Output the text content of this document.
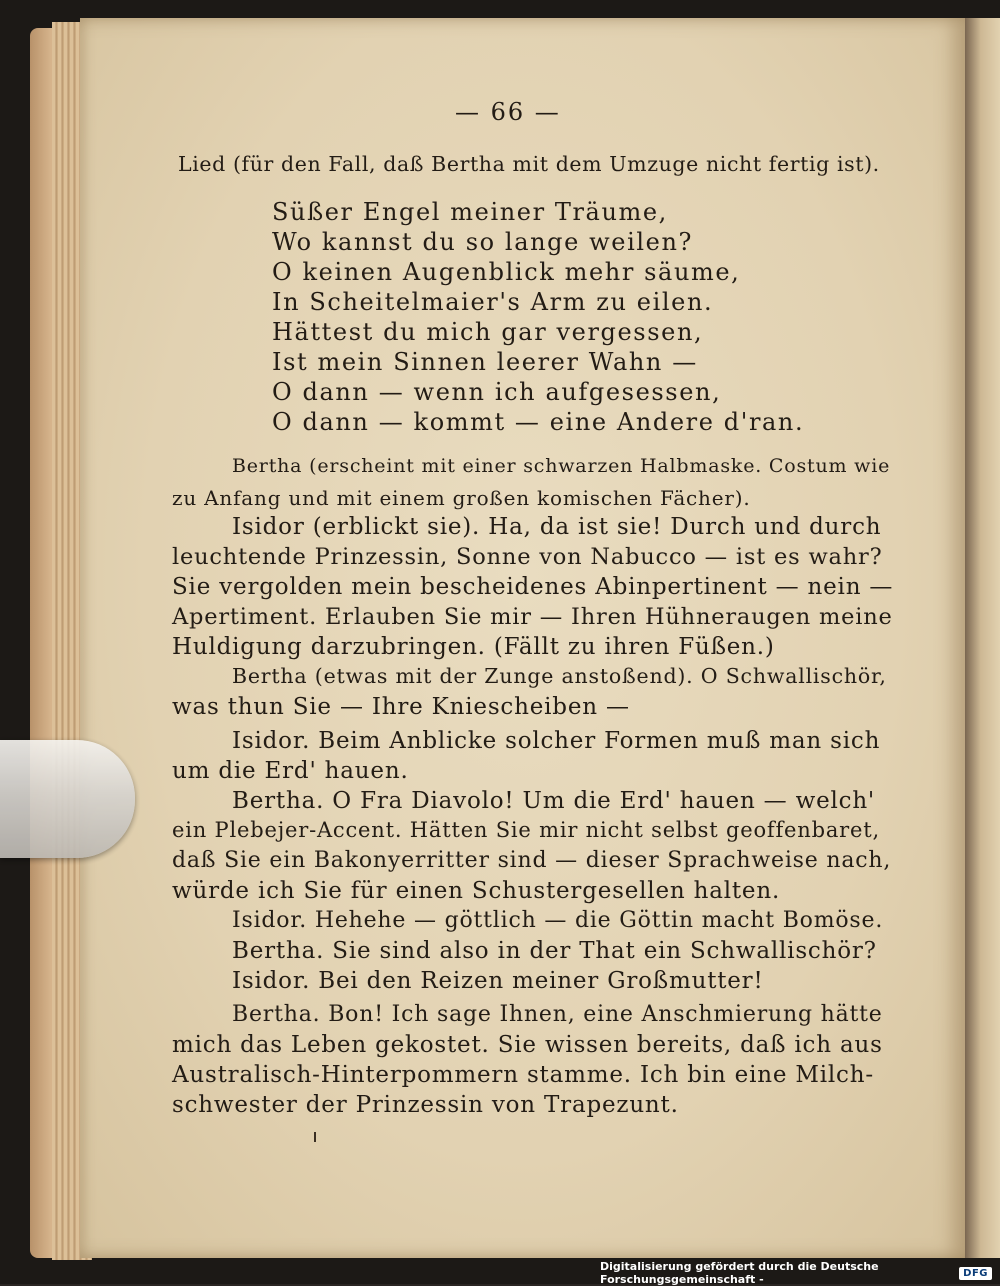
— 66 —
Lied (für den Fall, daß Bertha mit dem Umzuge nicht fertig ist).
Süßer Engel meiner Träume,
Wo kannst du so lange weilen?
O keinen Augenblick mehr säume,
In Scheitelmaier's Arm zu eilen.
Hättest du mich gar vergessen,
Ist mein Sinnen leerer Wahn —
O dann — wenn ich aufgesessen,
O dann — kommt — eine Andere d'ran.
Bertha (erscheint mit einer schwarzen Halbmaske. Costum wie
zu Anfang und mit einem großen komischen Fächer).
Isidor (erblickt sie). Ha, da ist sie! Durch und durch
leuchtende Prinzessin, Sonne von Nabucco — ist es wahr?
Sie vergolden mein bescheidenes Abinpertinent — nein —
Apertiment. Erlauben Sie mir — Ihren Hühneraugen meine
Huldigung darzubringen. (Fällt zu ihren Füßen.)
Bertha (etwas mit der Zunge anstoßend). O Schwallischör,
was thun Sie — Ihre Kniescheiben —
Isidor. Beim Anblicke solcher Formen muß man sich
um die Erd' hauen.
Bertha. O Fra Diavolo! Um die Erd' hauen — welch'
ein Plebejer-Accent. Hätten Sie mir nicht selbst geoffenbaret,
daß Sie ein Bakonyerritter sind — dieser Sprachweise nach,
würde ich Sie für einen Schustergesellen halten.
Isidor. Hehehe — göttlich — die Göttin macht Bomöse.
Bertha. Sie sind also in der That ein Schwallischör?
Isidor. Bei den Reizen meiner Großmutter!
Bertha. Bon! Ich sage Ihnen, eine Anschmierung hätte
mich das Leben gekostet. Sie wissen bereits, daß ich aus
Australisch-Hinterpommern stamme. Ich bin eine Milch-
schwester der Prinzessin von Trapezunt.
Digitalisierung gefördert durch die Deutsche Forschungsgemeinschaft -	DFG
